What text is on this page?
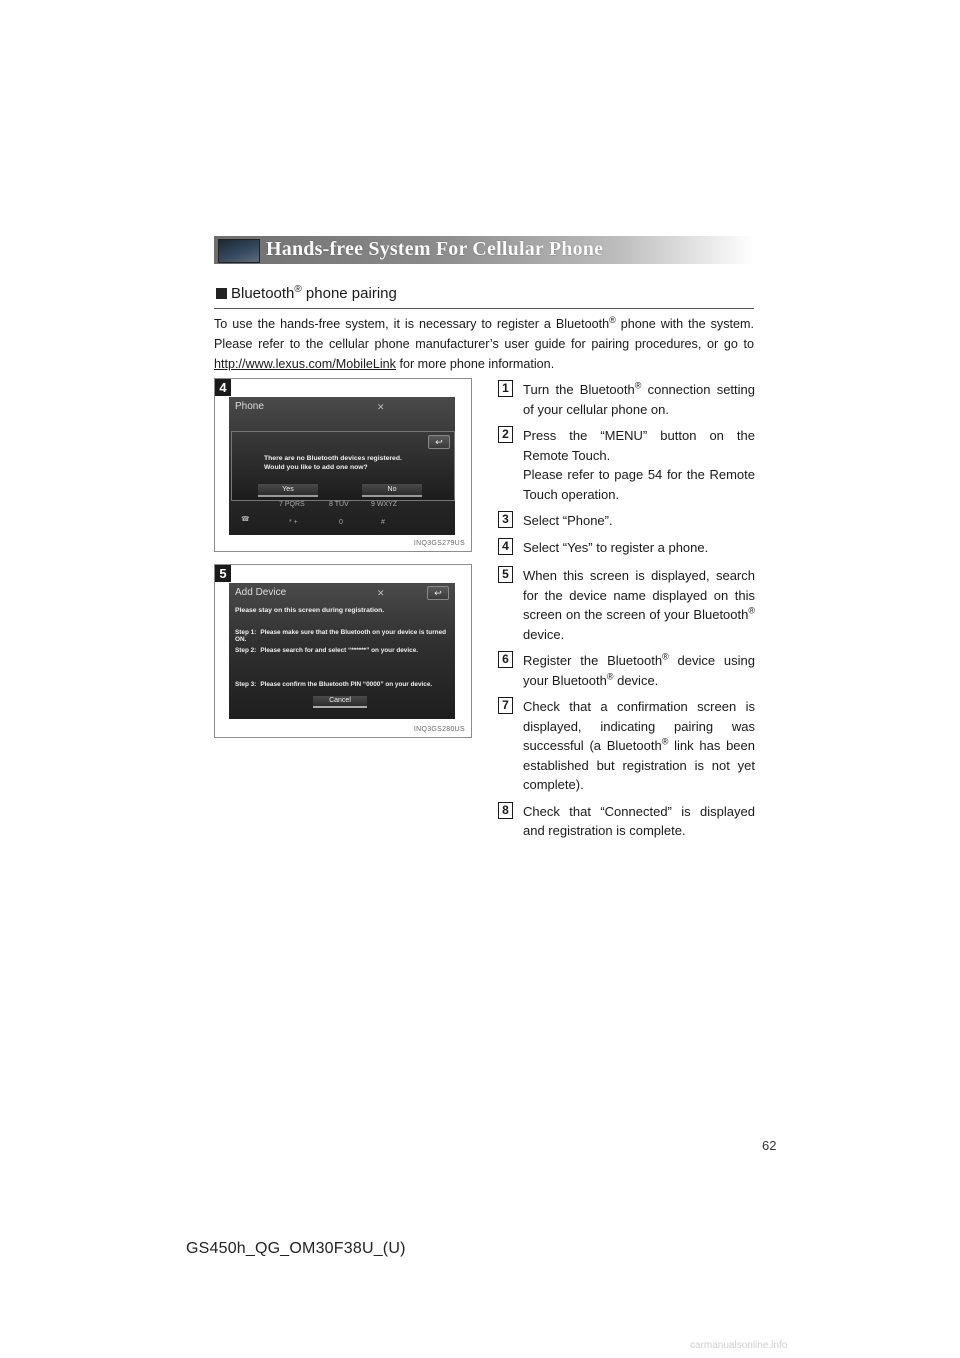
Hands-free System For Cellular Phone
Bluetooth® phone pairing
To use the hands-free system, it is necessary to register a Bluetooth® phone with the system. Please refer to the cellular phone manufacturer’s user guide for pairing procedures, or go to http://www.lexus.com/MobileLink for more phone information.
4
Phone	✕
↩
There are no Bluetooth devices registered.
Would you like to add one now?
Yes	No
7 PQRS	8 TUV	9 WXYZ
☎	* +	0	#
INQ3GS279US
5
Add Device	✕	↩
Please stay on this screen during registration.
Step 1: Please make sure that the Bluetooth on your device is turned ON.
Step 2: Please search for and select “******” on your device.
Step 3: Please confirm the Bluetooth PIN “0000” on your device.
Cancel
INQ3GS280US
1	Turn the Bluetooth® connection setting of your cellular phone on.

2	Press the “MENU” button on the Remote Touch.

Please refer to page 54 for the Remote Touch operation.

3	Select “Phone”.

4	Select “Yes” to register a phone.

5	When this screen is displayed, search for the device name displayed on this screen on the screen of your Bluetooth® device.

6	Register the Bluetooth® device using your Bluetooth® device.

7	Check that a confirmation screen is displayed, indicating pairing was successful (a Bluetooth® link has been established but registration is not yet complete).

8	Check that “Connected” is displayed and registration is complete.

62
GS450h_QG_OM30F38U_(U)
carmanualsonline.info
